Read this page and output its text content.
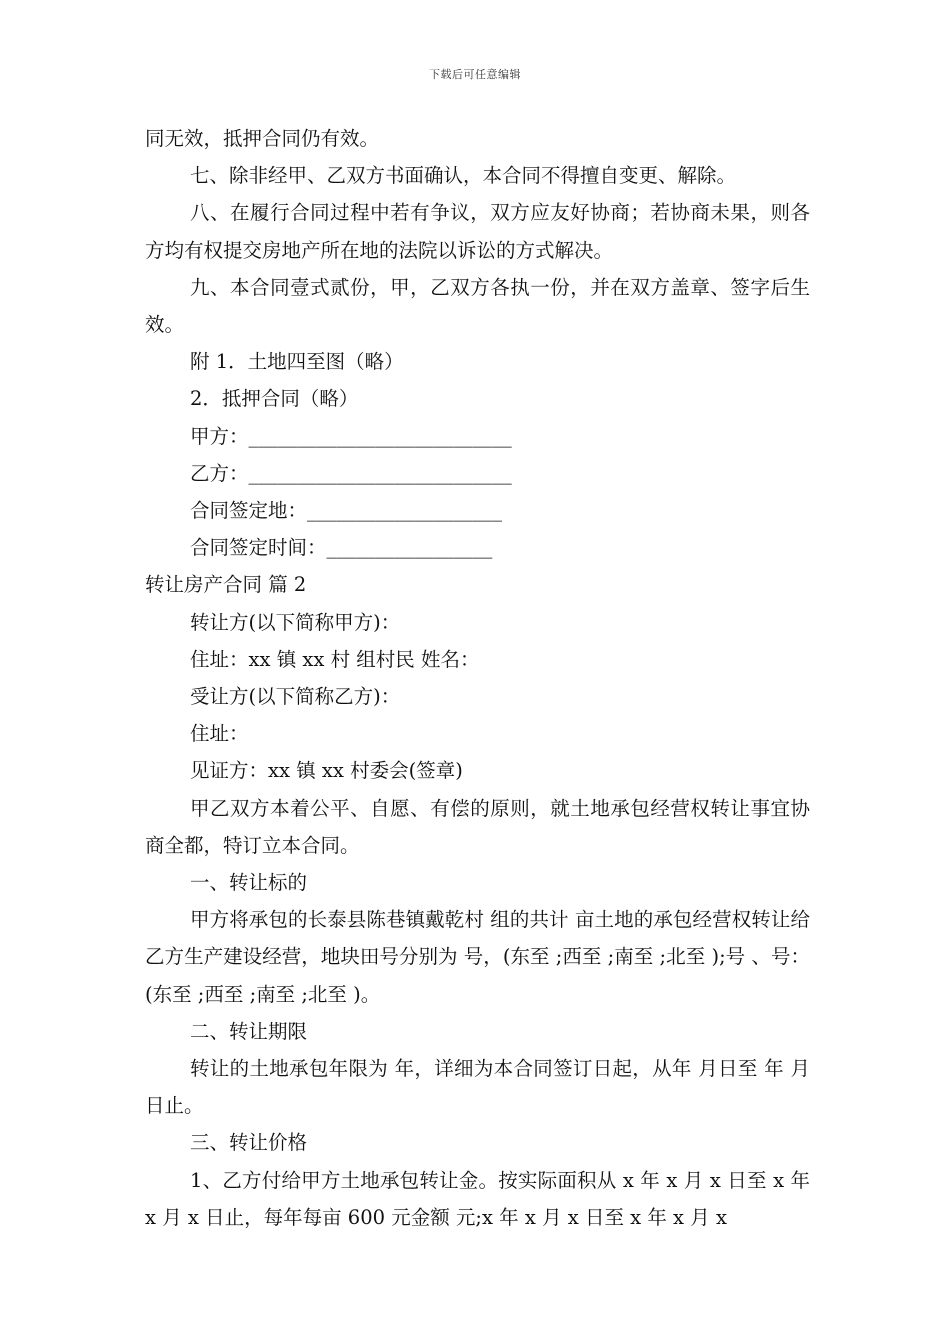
下载后可任意编辑

同无效，抵押合同仍有效。

七、除非经甲、乙双方书面确认，本合同不得擅自变更、解除。

八、在履行合同过程中若有争议，双方应友好协商；若协商未果，则各方均有权提交房地产所在地的法院以诉讼的方式解决。

九、本合同壹式贰份，甲，乙双方各执一份，并在双方盖章、签字后生效。

附 1．土地四至图（略）

2．抵押合同（略）

甲方：___________________________

乙方：___________________________

合同签定地：____________________

合同签定时间：_________________

转让房产合同 篇 2

转让方(以下简称甲方)：

住址：xx 镇 xx 村 组村民 姓名：

受让方(以下简称乙方)：

住址：

见证方：xx 镇 xx 村委会(签章)

甲乙双方本着公平、自愿、有偿的原则，就土地承包经营权转让事宜协商全都，特订立本合同。

一、转让标的

甲方将承包的长泰县陈巷镇戴乾村 组的共计 亩土地的承包经营权转让给乙方生产建设经营，地块田号分别为 号，(东至 ;西至 ;南至 ;北至 );号 、号：(东至 ;西至 ;南至 ;北至 )。

二、转让期限

转让的土地承包年限为 年，详细为本合同签订日起，从年 月日至 年 月 日止。

三、转让价格

1、乙方付给甲方土地承包转让金。按实际面积从 x 年 x 月 x 日至 x 年 x 月 x 日止，每年每亩 600 元金额 元;x 年 x 月 x 日至 x 年 x 月 x
